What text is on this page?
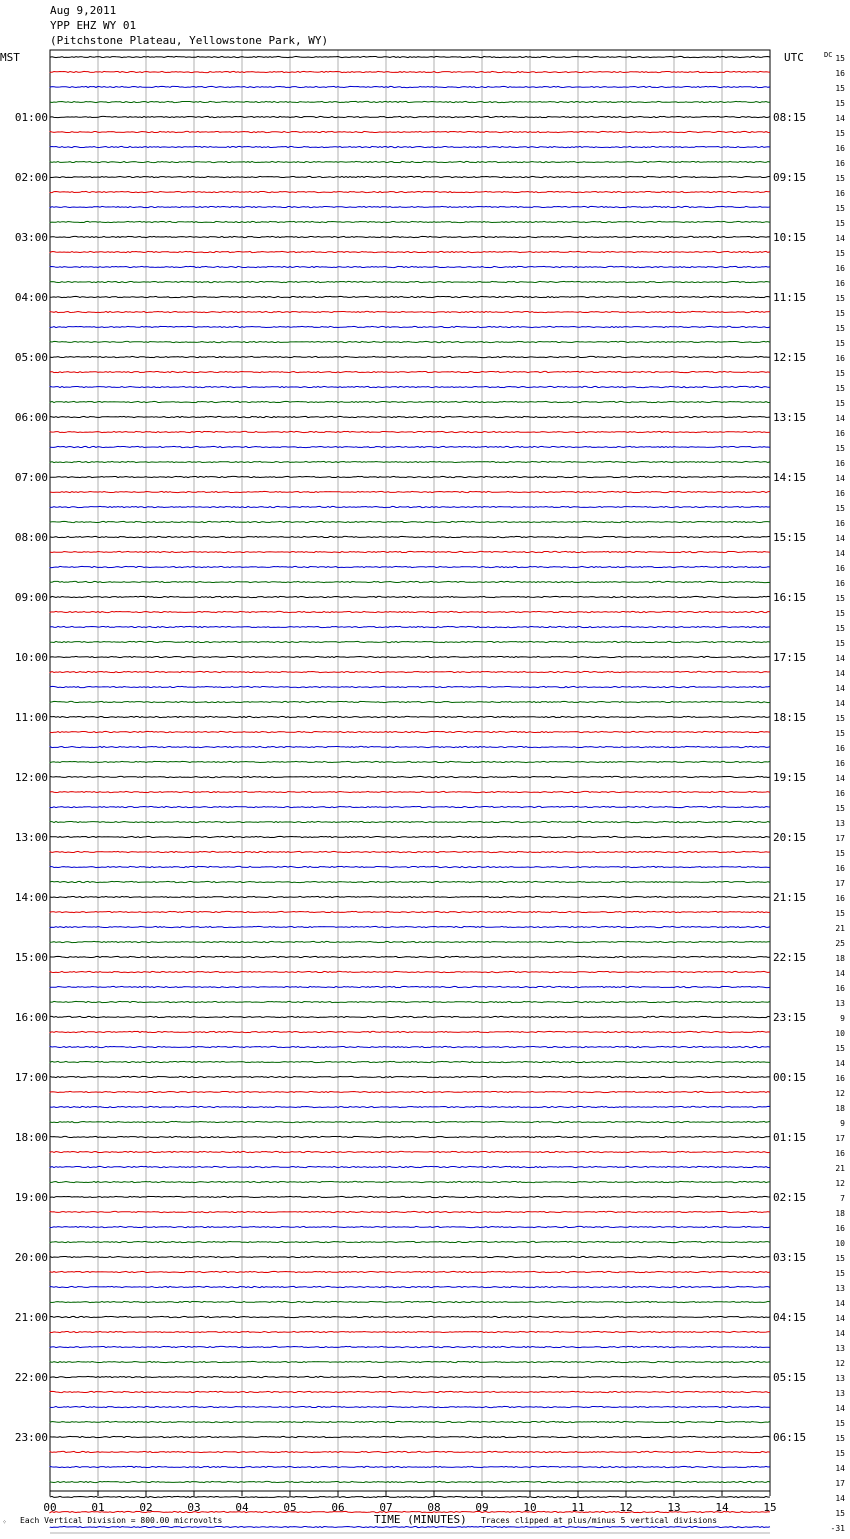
Aug 9,2011
YPP EHZ WY 01
(Pitchstone Plateau, Yellowstone Park, WY)
15
16
15
15
14
15
16
16
15
16
15
15
14
15
16
16
15
15
15
15
16
15
15
15
14
16
15
16
14
16
15
16
14
14
16
16
15
15
15
15
14
14
14
14
15
15
16
16
14
16
15
13
17
15
16
17
16
15
21
25
18
14
16
13
9
10
15
14
16
12
18
9
17
16
21
12
7
18
16
10
15
15
13
14
14
14
13
12
13
13
14
15
15
15
14
17
14
15
-31
DC
MST	UTC
01:00	08:15
02:00	09:15
03:00	10:15
04:00	11:15
05:00	12:15
06:00	13:15
07:00	14:15
08:00	15:15
09:00	16:15
10:00	17:15
11:00	18:15
12:00	19:15
13:00	20:15
14:00	21:15
15:00	22:15
16:00	23:15
17:00	00:15
18:00	01:15
19:00	02:15
20:00	03:15
21:00	04:15
22:00	05:15
23:00	06:15
00	01	02	03	04	05	06	07	08	09	10	11	12	13	14	15
⁘ Each Vertical Division = 800.00 microvolts	TIME (MINUTES) Traces clipped at plus/minus 5 vertical divisions
